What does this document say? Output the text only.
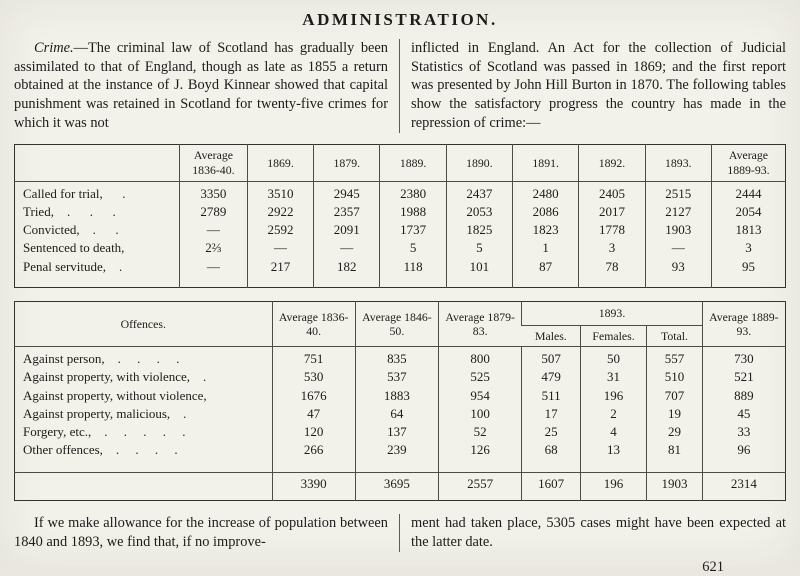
ADMINISTRATION.

Crime.—The criminal law of Scotland has gradually been assimilated to that of England, though as late as 1855 a return obtained at the instance of J. Boyd Kinnear showed that capital punishment was retained in Scotland for twenty-five crimes for which it was not

inflicted in England. An Act for the collection of Judicial Statistics of Scotland was passed in 1869; and the first report was presented by John Hill Burton in 1870. The following tables show the satisfactory progress the country has made in the repression of crime:—

	Average 1836-40.	1869.	1879.	1889.	1890.	1891.	1892.	1893.	Average 1889-93.
Called for trial,      .	3350	3510	2945	2380	2437	2480	2405	2515	2444
Tried,    .      .      .	2789	2922	2357	1988	2053	2086	2017	2127	2054
Convicted,    .      .	—	2592	2091	1737	1825	1823	1778	1903	1813
Sentenced to death,	2⅔	—	—	5	5	1	3	—	3
Penal servitude,    .	—	217	182	118	101	87	78	93	95
Offences.	Average 1836-40.	Average 1846-50.	Average 1879-83.	1893.			Average 1889-93.
				Males.	Females.	Total.	
Against person,    .     .     .     .	751	835	800	507	50	557	730
Against property, with violence,    .	530	537	525	479	31	510	521
Against property, without violence,	1676	1883	954	511	196	707	889
Against property, malicious,    .	47	64	100	17	2	19	45
Forgery, etc.,    .     .     .     .     .	120	137	52	25	4	29	33
Other offences,    .     .     .     .	266	239	126	68	13	81	96

	3390	3695	2557	1607	196	1903	2314

If we make allowance for the increase of population between 1840 and 1893, we find that, if no improve-

ment had taken place, 5305 cases might have been expected at the latter date.

621
